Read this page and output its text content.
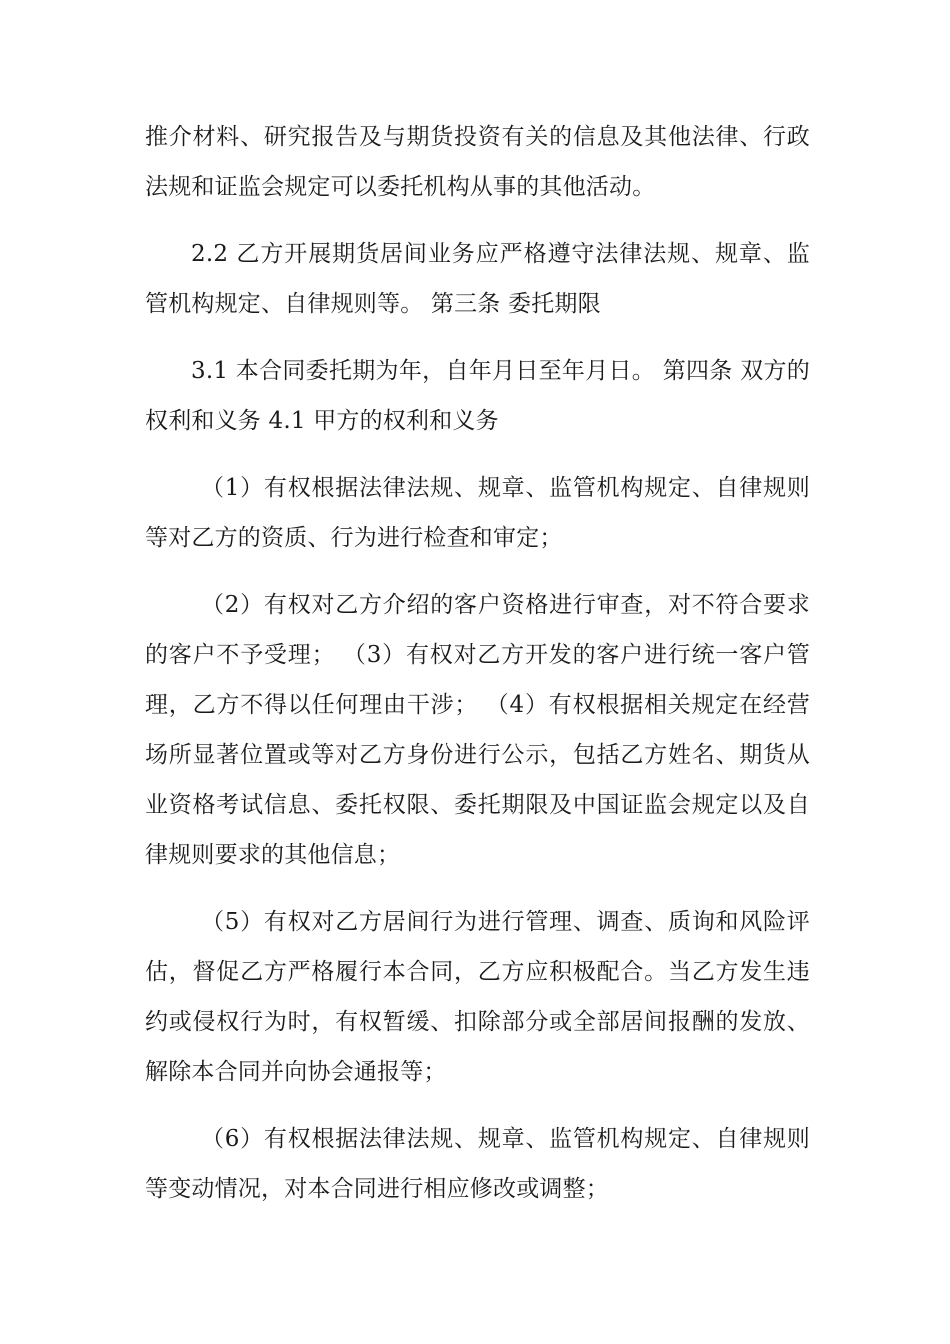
推介材料、研究报告及与期货投资有关的信息及其他法律、行政法规和证监会规定可以委托机构从事的其他活动。

2.2 乙方开展期货居间业务应严格遵守法律法规、规章、监管机构规定、自律规则等。 第三条 委托期限

3.1 本合同委托期为年，自年月日至年月日。 第四条 双方的权利和义务 4.1 甲方的权利和义务

（1）有权根据法律法规、规章、监管机构规定、自律规则等对乙方的资质、行为进行检查和审定；

（2）有权对乙方介绍的客户资格进行审查，对不符合要求的客户不予受理； （3）有权对乙方开发的客户进行统一客户管理，乙方不得以任何理由干涉； （4）有权根据相关规定在经营场所显著位置或等对乙方身份进行公示，包括乙方姓名、期货从业资格考试信息、委托权限、委托期限及中国证监会规定以及自律规则要求的其他信息；

（5）有权对乙方居间行为进行管理、调查、质询和风险评估，督促乙方严格履行本合同，乙方应积极配合。当乙方发生违约或侵权行为时，有权暂缓、扣除部分或全部居间报酬的发放、解除本合同并向协会通报等；

（6）有权根据法律法规、规章、监管机构规定、自律规则等变动情况，对本合同进行相应修改或调整；
